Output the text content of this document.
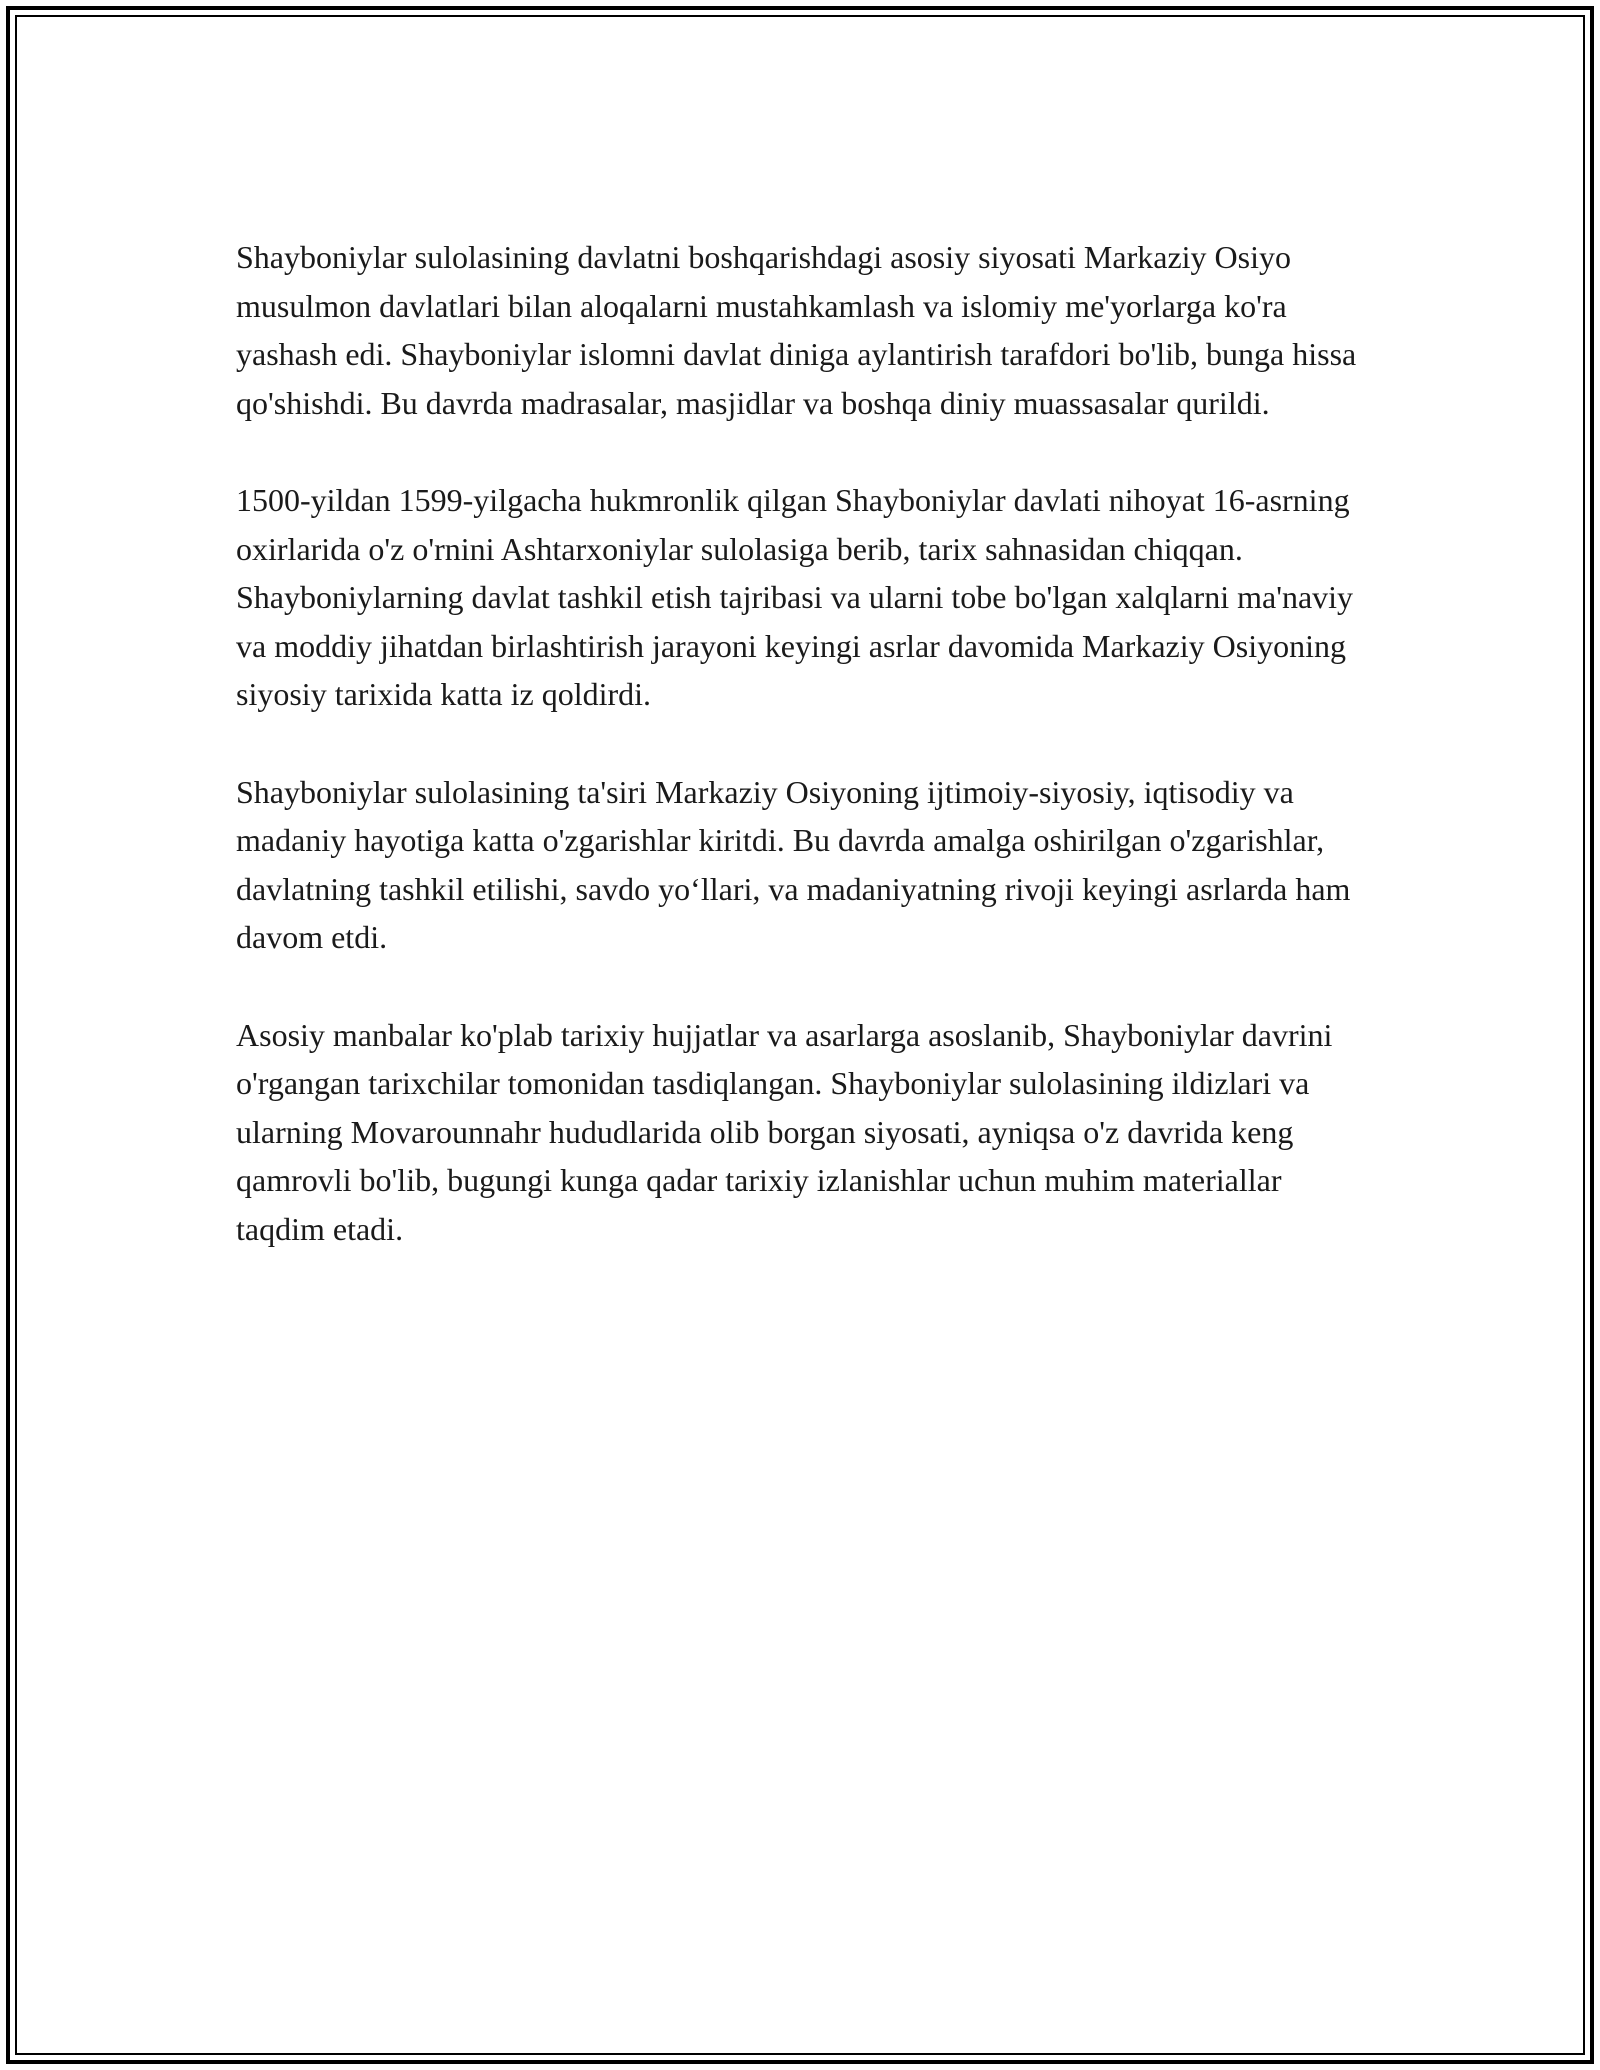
Shayboniylar sulolasining davlatni boshqarishdagi asosiy siyosati Markaziy Osiyo musulmon davlatlari bilan aloqalarni mustahkamlash va islomiy me'yorlarga ko'ra yashash edi. Shayboniylar islomni davlat diniga aylantirish tarafdori bo'lib, bunga hissa qo'shishdi. Bu davrda madrasalar, masjidlar va boshqa diniy muassasalar qurildi.

1500-yildan 1599-yilgacha hukmronlik qilgan Shayboniylar davlati nihoyat 16-asrning oxirlarida o'z o'rnini Ashtarxoniylar sulolasiga berib, tarix sahnasidan chiqqan. Shayboniylarning davlat tashkil etish tajribasi va ularni tobe bo'lgan xalqlarni ma'naviy va moddiy jihatdan birlashtirish jarayoni keyingi asrlar davomida Markaziy Osiyoning siyosiy tarixida katta iz qoldirdi.

Shayboniylar sulolasining ta'siri Markaziy Osiyoning ijtimoiy-siyosiy, iqtisodiy va madaniy hayotiga katta o'zgarishlar kiritdi. Bu davrda amalga oshirilgan o'zgarishlar, davlatning tashkil etilishi, savdo yo‘llari, va madaniyatning rivoji keyingi asrlarda ham davom etdi.

Asosiy manbalar ko'plab tarixiy hujjatlar va asarlarga asoslanib, Shayboniylar davrini o'rgangan tarixchilar tomonidan tasdiqlangan. Shayboniylar sulolasining ildizlari va ularning Movarounnahr hududlarida olib borgan siyosati, ayniqsa o'z davrida keng qamrovli bo'lib, bugungi kunga qadar tarixiy izlanishlar uchun muhim materiallar taqdim etadi.
